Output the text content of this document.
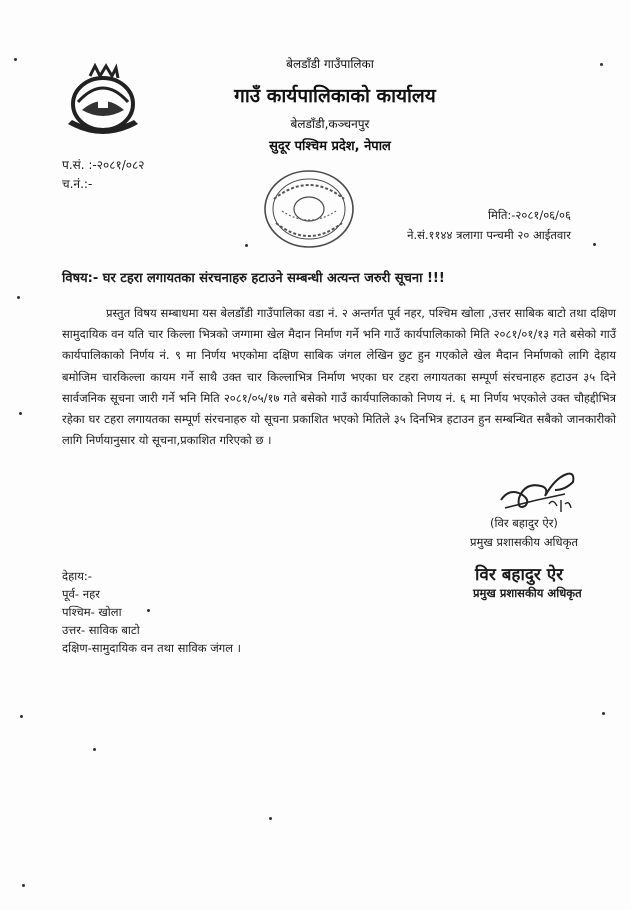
बेलडाँडी गाउँपालिका
गाउँ कार्यपालिकाको कार्यालय
बेलडाँडी,कञ्चनपुर
सुदूर पश्चिम प्रदेश, नेपाल
प.सं. :-२०८१/०८२
च.नं.:-
मिति:-२०८१/०६/०६
ने.सं.११४४ त्रलागा पन्चमी २० आईतवार
विषय:- घर टहरा लगायतका संरचनाहरु हटाउने सम्बन्धी अत्यन्त जरुरी सूचना !!!

प्रस्तुत विषय सम्बाधमा यस बेलडाँडी गाउँपालिका वडा नं. २ अन्तर्गत पूर्व नहर, पश्चिम खोला ,उत्तर साबिक बाटो तथा दक्षिण सामुदायिक वन यति चार किल्ला भित्रको जग्गामा खेल मैदान निर्माण गर्ने भनि गाउँ कार्यपालिकाको मिति २०८१/०१/१३ गते बसेको गाउँ कार्यपालिकाको निर्णय नं. ९ मा निर्णय भएकोमा दक्षिण साबिक जंगल लेखिन छुट हुन गएकोले खेल मैदान निर्माणको लागि देहाय बमोजिम चारकिल्ला कायम गर्ने साथै उक्त चार किल्लाभित्र निर्माण भएका घर टहरा लगायतका सम्पूर्ण संरचनाहरु हटाउन ३५ दिने सार्वजनिक सूचना जारी गर्ने भनि मिति २०८१/०५/१७ गते बसेको गाउँ कार्यपालिकाको निणय नं. ६ मा निर्णय भएकोले उक्त चौहद्दीभित्र रहेका घर टहरा लगायतका सम्पूर्ण संरचनाहरु यो सूचना प्रकाशित भएको मितिले ३५ दिनभित्र हटाउन हुन सम्बन्धित सबैको जानकारीको लागि निर्णयानुसार यो सूचना,प्रकाशित गरिएको छ ।

(विर बहादुर ऐर)
प्रमुख प्रशासकीय अधिकृत
विर बहादुर ऐर
प्रमुख प्रशासकीय अधिकृत
देहाय:-
पूर्व- नहर
पश्चिम- खोला
उत्तर- साविक बाटो
दक्षिण-सामुदायिक वन तथा साविक जंगल ।
